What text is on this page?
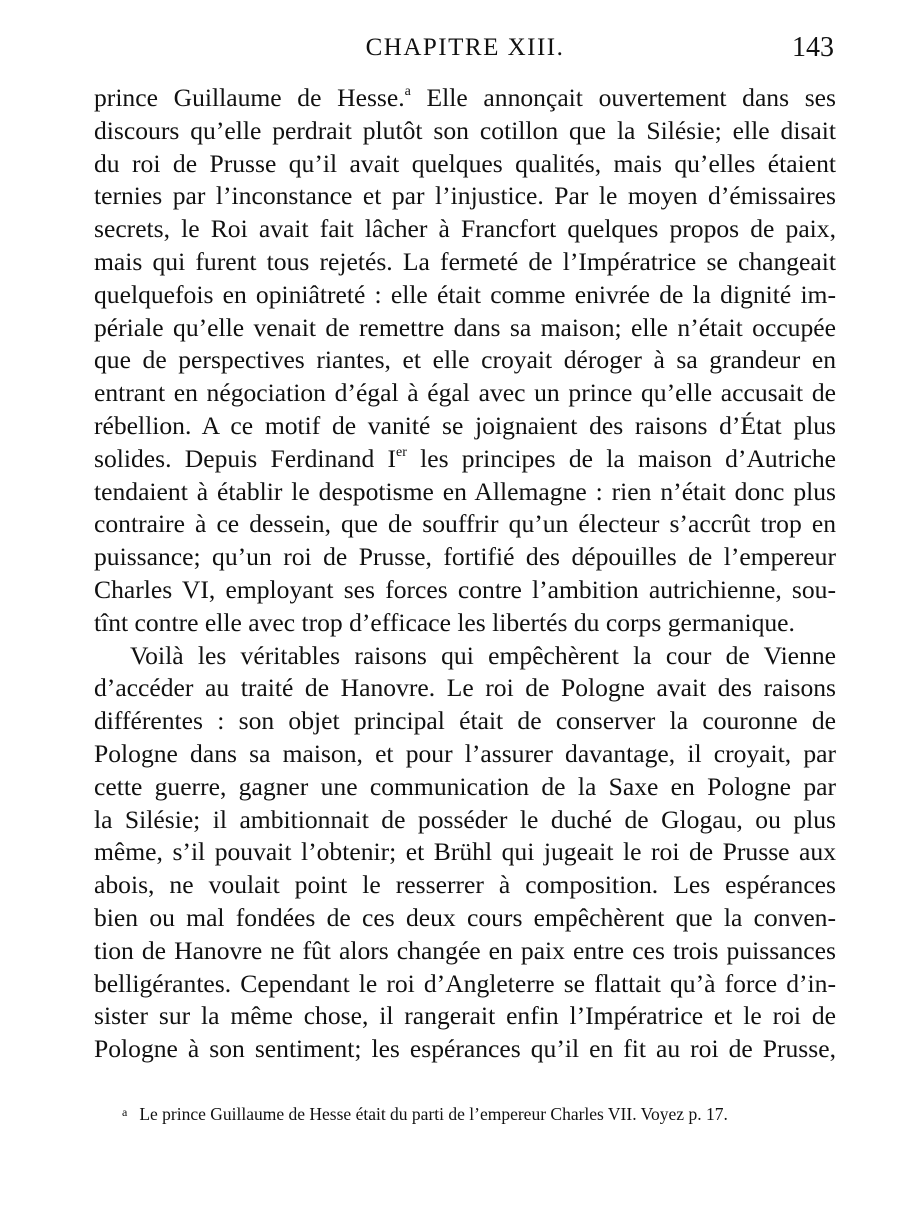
CHAPITRE XIII.	143
prince Guillaume de Hesse.$^a$ Elle annonçait ouvertement dans ses
discours qu’elle perdrait plutôt son cotillon que la Silésie; elle disait
du roi de Prusse qu’il avait quelques qualités, mais qu’elles étaient
ternies par l’inconstance et par l’injustice. Par le moyen d’émissaires
secrets, le Roi avait fait lâcher à Francfort quelques propos de paix,
mais qui furent tous rejetés. La fermeté de l’Impératrice se changeait
quelquefois en opiniâtreté : elle était comme enivrée de la dignité im-
périale qu’elle venait de remettre dans sa maison; elle n’était occupée
que de perspectives riantes, et elle croyait déroger à sa grandeur en
entrant en négociation d’égal à égal avec un prince qu’elle accusait de
rébellion. A ce motif de vanité se joignaient des raisons d’État plus
solides. Depuis Ferdinand Ier les principes de la maison d’Autriche
tendaient à établir le despotisme en Allemagne : rien n’était donc plus
contraire à ce dessein, que de souffrir qu’un électeur s’accrût trop en
puissance; qu’un roi de Prusse, fortifié des dépouilles de l’empereur
Charles VI, employant ses forces contre l’ambition autrichienne, sou-
tînt contre elle avec trop d’efficace les libertés du corps germanique.
Voilà les véritables raisons qui empêchèrent la cour de Vienne
d’accéder au traité de Hanovre. Le roi de Pologne avait des raisons
différentes : son objet principal était de conserver la couronne de
Pologne dans sa maison, et pour l’assurer davantage, il croyait, par
cette guerre, gagner une communication de la Saxe en Pologne par
la Silésie; il ambitionnait de posséder le duché de Glogau, ou plus
même, s’il pouvait l’obtenir; et Brühl qui jugeait le roi de Prusse aux
abois, ne voulait point le resserrer à composition. Les espérances
bien ou mal fondées de ces deux cours empêchèrent que la conven-
tion de Hanovre ne fût alors changée en paix entre ces trois puissances
belligérantes. Cependant le roi d’Angleterre se flattait qu’à force d’in-
sister sur la même chose, il rangerait enfin l’Impératrice et le roi de
Pologne à son sentiment; les espérances qu’il en fit au roi de Prusse,
$^a$ Le prince Guillaume de Hesse était du parti de l’empereur Charles VII. Voyez p. 17.
